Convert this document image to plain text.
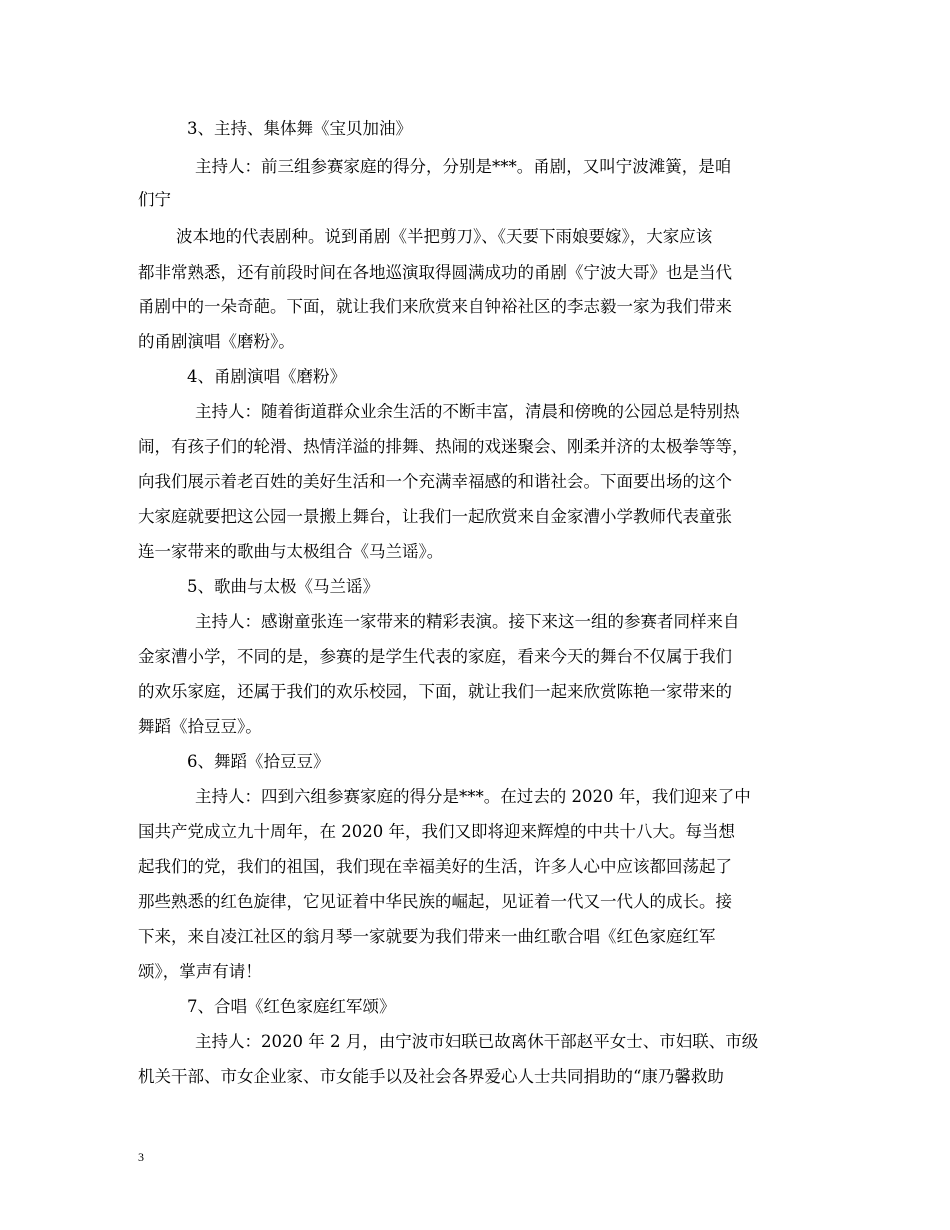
3、主持、集体舞《宝贝加油》
主持人：前三组参赛家庭的得分，分别是***。甬剧，又叫宁波滩簧，是咱
们宁
波本地的代表剧种。说到甬剧《半把剪刀》、《天要下雨娘要嫁》，大家应该
都非常熟悉，还有前段时间在各地巡演取得圆满成功的甬剧《宁波大哥》也是当代
甬剧中的一朵奇葩。下面，就让我们来欣赏来自钟裕社区的李志毅一家为我们带来
的甬剧演唱《磨粉》。
4、甬剧演唱《磨粉》
主持人：随着街道群众业余生活的不断丰富，清晨和傍晚的公园总是特别热
闹，有孩子们的轮滑、热情洋溢的排舞、热闹的戏迷聚会、刚柔并济的太极拳等等，
向我们展示着老百姓的美好生活和一个充满幸福感的和谐社会。下面要出场的这个
大家庭就要把这公园一景搬上舞台，让我们一起欣赏来自金家漕小学教师代表童张
连一家带来的歌曲与太极组合《马兰谣》。
5、歌曲与太极《马兰谣》
主持人：感谢童张连一家带来的精彩表演。接下来这一组的参赛者同样来自
金家漕小学，不同的是，参赛的是学生代表的家庭，看来今天的舞台不仅属于我们
的欢乐家庭，还属于我们的欢乐校园，下面，就让我们一起来欣赏陈艳一家带来的
舞蹈《拾豆豆》。
6、舞蹈《拾豆豆》
主持人：四到六组参赛家庭的得分是***。在过去的 2020 年，我们迎来了中
国共产党成立九十周年，在 2020 年，我们又即将迎来辉煌的中共十八大。每当想
起我们的党，我们的祖国，我们现在幸福美好的生活，许多人心中应该都回荡起了
那些熟悉的红色旋律，它见证着中华民族的崛起，见证着一代又一代人的成长。接
下来，来自凌江社区的翁月琴一家就要为我们带来一曲红歌合唱《红色家庭红军
颂》，掌声有请！
7、合唱《红色家庭红军颂》
主持人：2020 年 2 月，由宁波市妇联已故离休干部赵平女士、市妇联、市级
机关干部、市女企业家、市女能手以及社会各界爱心人士共同捐助的“康乃馨救助
3
